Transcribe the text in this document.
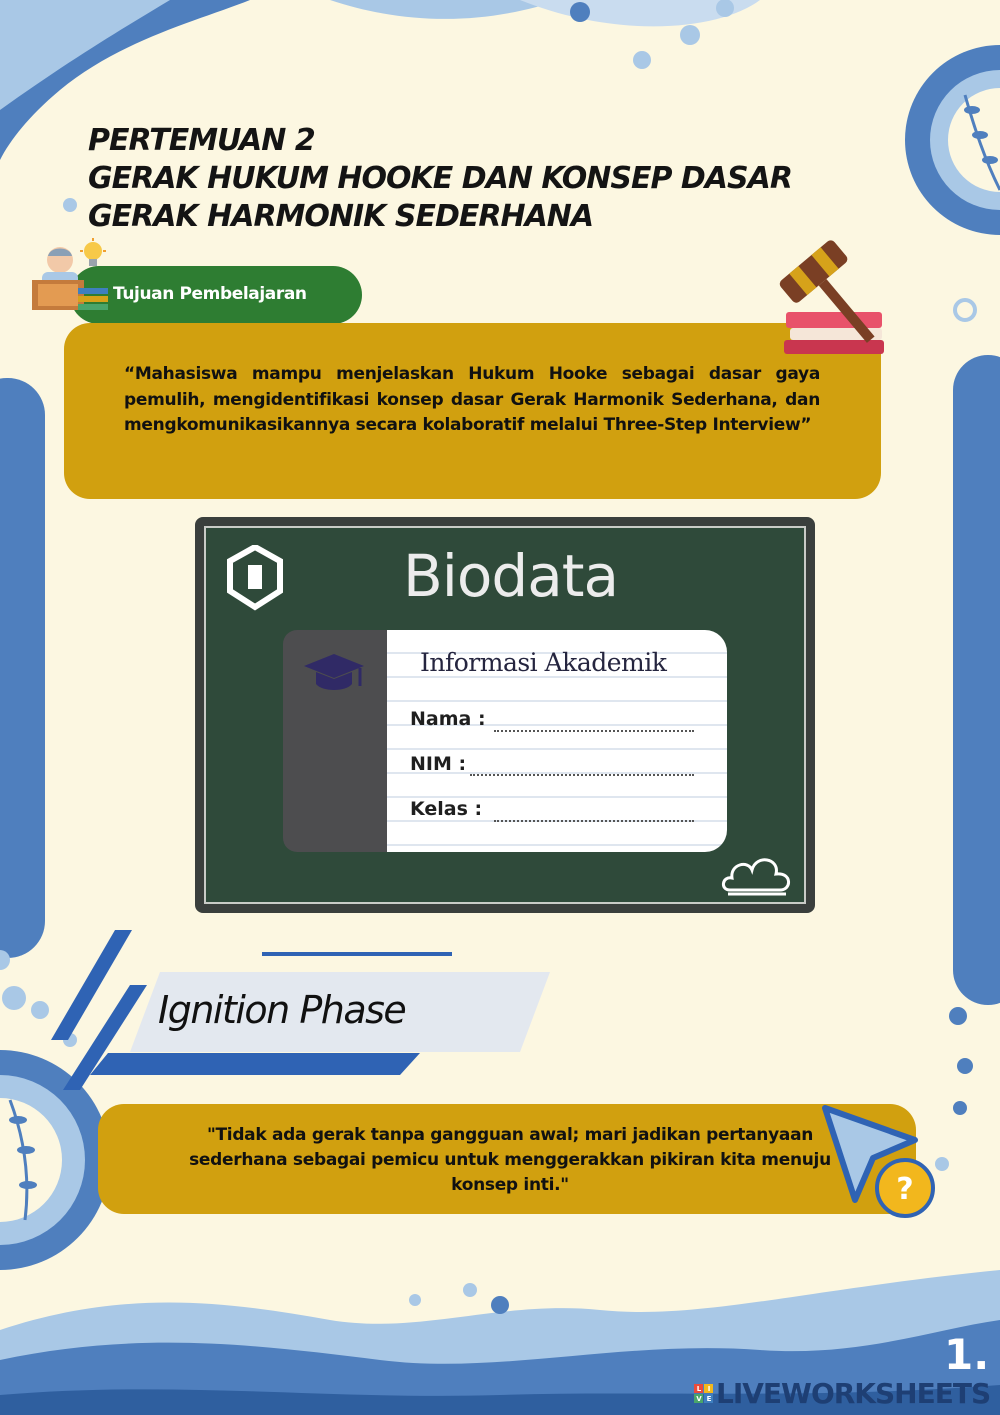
PERTEMUAN 2
GERAK HUKUM HOOKE DAN KONSEP DASAR
GERAK HARMONIK SEDERHANA
Tujuan Pembelajaran
“Mahasiswa mampu menjelaskan Hukum Hooke sebagai dasar gaya pemulih, mengidentifikasi konsep dasar Gerak Harmonik Sederhana, dan mengkomunikasikannya secara kolaboratif melalui Three-Step Interview”
Biodata
Informasi Akademik
Nama :
NIM :
Kelas :
Ignition Phase
"Tidak ada gerak tanpa gangguan awal; mari jadikan pertanyaan sederhana sebagai pemicu untuk menggerakkan pikiran kita menuju konsep inti."	?
1.
L	I
V E LIVEWORKSHEETS
